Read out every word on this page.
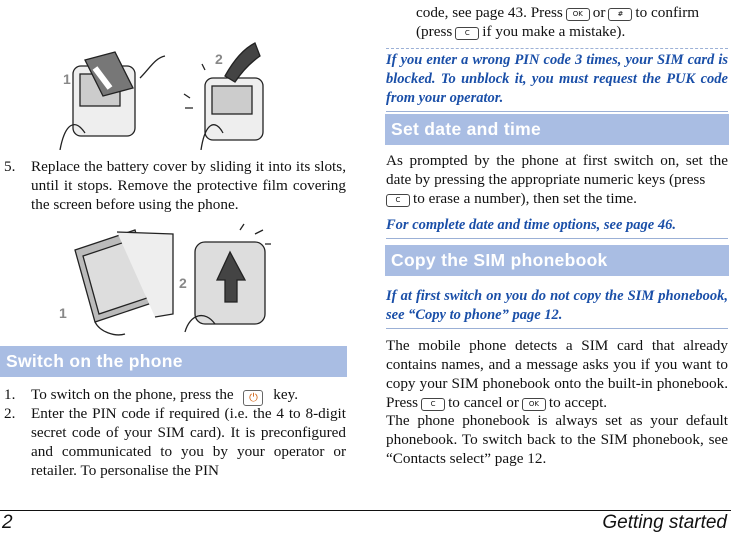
1
2
5. Replace the battery cover by sliding it into its slots, until it stops. Remove the protective film covering the screen before using the phone.
1
2
Switch on the phone
1. To switch on the phone, press the ⏻ key.
2. Enter the PIN code if required (i.e. the 4 to 8-digit secret code of your SIM card). It is preconfigured and communicated to you by your operator or retailer. To personalise the PIN
code, see page 43. Press OK or # to confirm
(press C if you make a mistake).
If you enter a wrong PIN code 3 times, your SIM card is blocked. To unblock it, you must request the PUK code from your operator.
Set date and time
As prompted by the phone at first switch on, set the date by pressing the appropriate numeric keys (press
C to erase a number), then set the time.
For complete date and time options, see page 46.
Copy the SIM phonebook
If at first switch on you do not copy the SIM phonebook, see “Copy to phone” page 12.
The mobile phone detects a SIM card that already contains names, and a message asks you if you want to copy your SIM phonebook onto the built-in phonebook. Press C to cancel or OK to accept.
The phone phonebook is always set as your default phonebook. To switch back to the SIM phonebook, see “Contacts select” page 12.
2	Getting started
